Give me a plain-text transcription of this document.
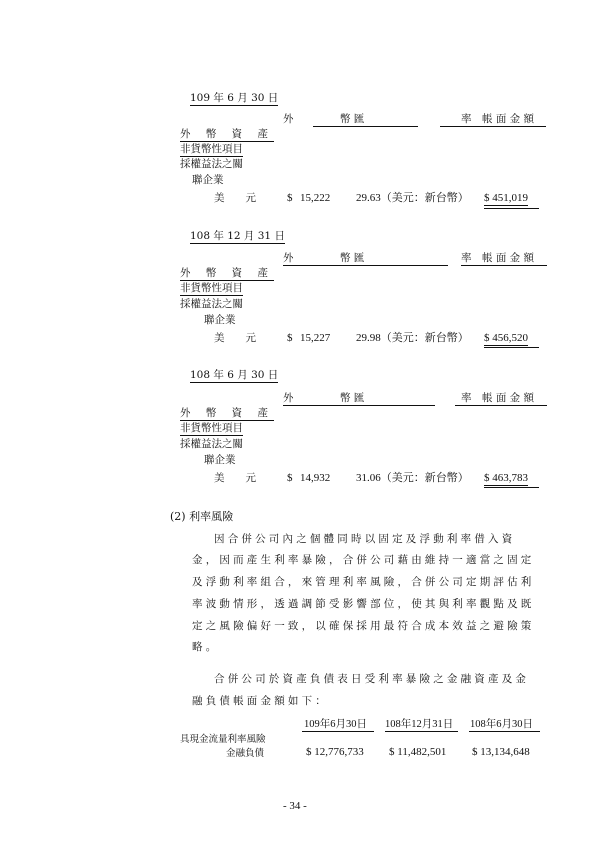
109 年 6 月 30 日
外	幣 匯	率 帳 面 金 額
外 幣 資 產
非貨幣性項目
採權益法之關
聯企業
美　　元	$ 15,222 29.63（美元：新台幣） $ 451,019
108 年 12 月 31 日
外	幣 匯	率 帳 面 金 額
外 幣 資 產
非貨幣性項目
採權益法之關
聯企業
美　　元	$ 15,227 29.98（美元：新台幣） $ 456,520
108 年 6 月 30 日
外	幣 匯	率 帳 面 金 額
外 幣 資 產
非貨幣性項目
採權益法之關
聯企業
美　　元	$ 14,932 31.06（美元：新台幣） $ 463,783
(2) 利率風險
因合併公司內之個體同時以固定及浮動利率借入資
金，因而產生利率暴險，合併公司藉由維持一適當之固定
及浮動利率組合，來管理利率風險，合併公司定期評估利
率波動情形，透過調節受影響部位，使其與利率觀點及既
定之風險偏好一致，以確保採用最符合成本效益之避險策
略。
合併公司於資產負債表日受利率暴險之金融資產及金
融負債帳面金額如下：
109年6月30日 108年12月31日 108年6月30日
具現金流量利率風險
金融負債	$ 12,776,733 $ 11,482,501 $ 13,134,648
- 34 -
